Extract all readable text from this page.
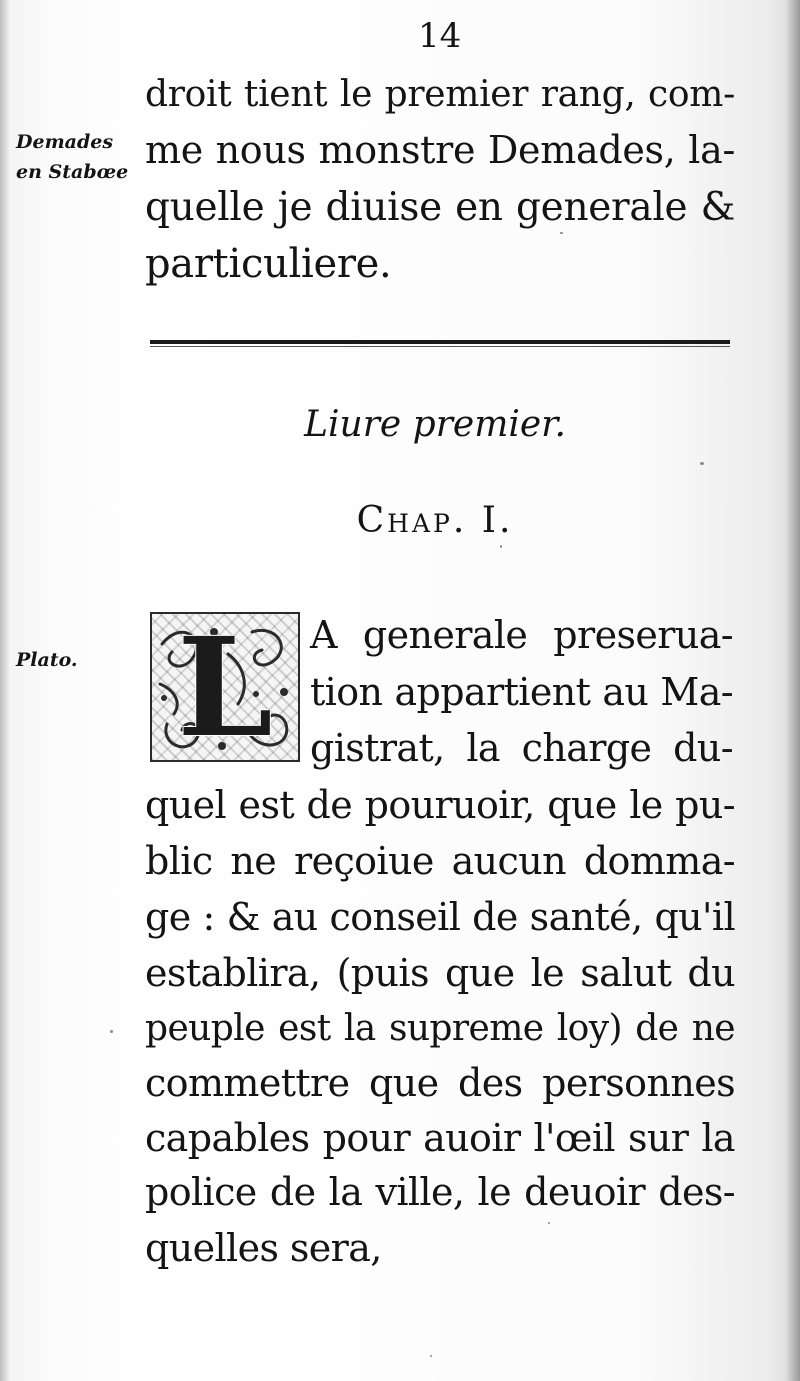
14
droit tient le premier rang, com-
me nous monstre Demades, la-
quelle je diuise en generale &
particuliere.
Demades
en Stabœe
Liure premier.
Chap. I.
Plato. L A generale preseruа-
tion appartient au Ma-
gistrat, la charge du-
quel est de pouruoir, que le pu-
blic ne reçoiue aucun domma-
ge : & au conseil de santé, qu'il
establira, (puis que le salut du
peuple est la supreme loy) de ne
commettre que des personnes
capables pour auoir l'œil sur la
police de la ville, le deuoir des-
quelles sera,
